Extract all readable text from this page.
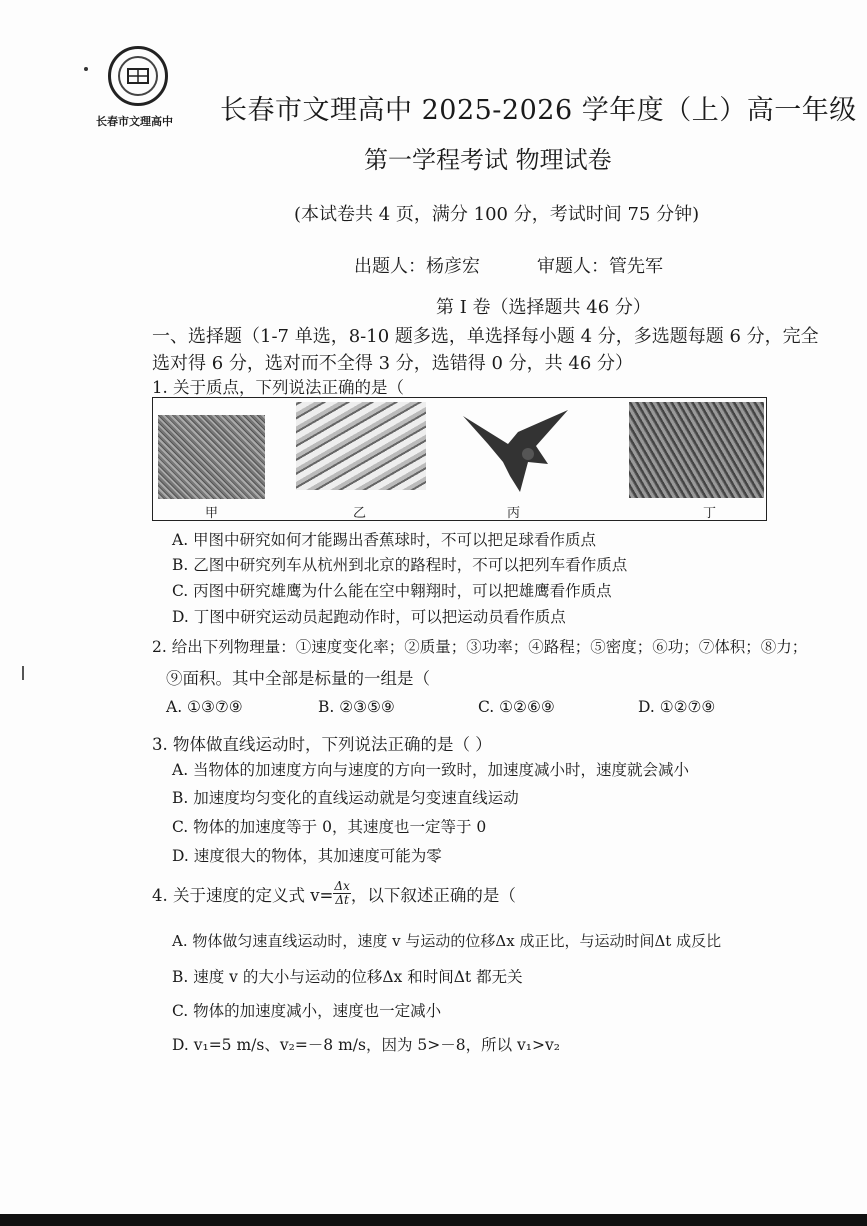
长春市文理高中 长春市文理高中 2025-2026 学年度（上）高一年级
第一学程考试 物理试卷
(本试卷共 4 页，满分 100 分，考试时间 75 分钟)
出题人：杨彦宏	审题人：管先军
第 Ⅰ 卷（选择题共 46 分）
一、选择题（1-7 单选，8-10 题多选，单选择每小题 4 分，多选题每题 6 分，完全
选对得 6 分，选对而不全得 3 分，选错得 0 分，共 46 分）
1. 关于质点，下列说法正确的是（
甲	乙	丙	丁
A. 甲图中研究如何才能踢出香蕉球时，不可以把足球看作质点
B. 乙图中研究列车从杭州到北京的路程时，不可以把列车看作质点
C. 丙图中研究雄鹰为什么能在空中翱翔时，可以把雄鹰看作质点
D. 丁图中研究运动员起跑动作时，可以把运动员看作质点
2. 给出下列物理量：①速度变化率；②质量；③功率；④路程；⑤密度；⑥功；⑦体积；⑧力；
⑨面积。其中全部是标量的一组是（
A. ①③⑦⑨	B. ②③⑤⑨	C. ①②⑥⑨	D. ①②⑦⑨
3. 物体做直线运动时，下列说法正确的是（ ）
A. 当物体的加速度方向与速度的方向一致时，加速度减小时，速度就会减小
B. 加速度均匀变化的直线运动就是匀变速直线运动
C. 物体的加速度等于 0，其速度也一定等于 0
D. 速度很大的物体，其加速度可能为零
4. 关于速度的定义式 $v= \frac{\Delta x}{\Delta t}$ ，以下叙述正确的是（
A. 物体做匀速直线运动时，速度 v 与运动的位移Δx 成正比，与运动时间Δt 成反比
B. 速度 v 的大小与运动的位移Δx 和时间Δt 都无关
C. 物体的加速度减小，速度也一定减小
D. v₁=5 m/s、v₂=－8 m/s，因为 5>－8，所以 v₁>v₂
